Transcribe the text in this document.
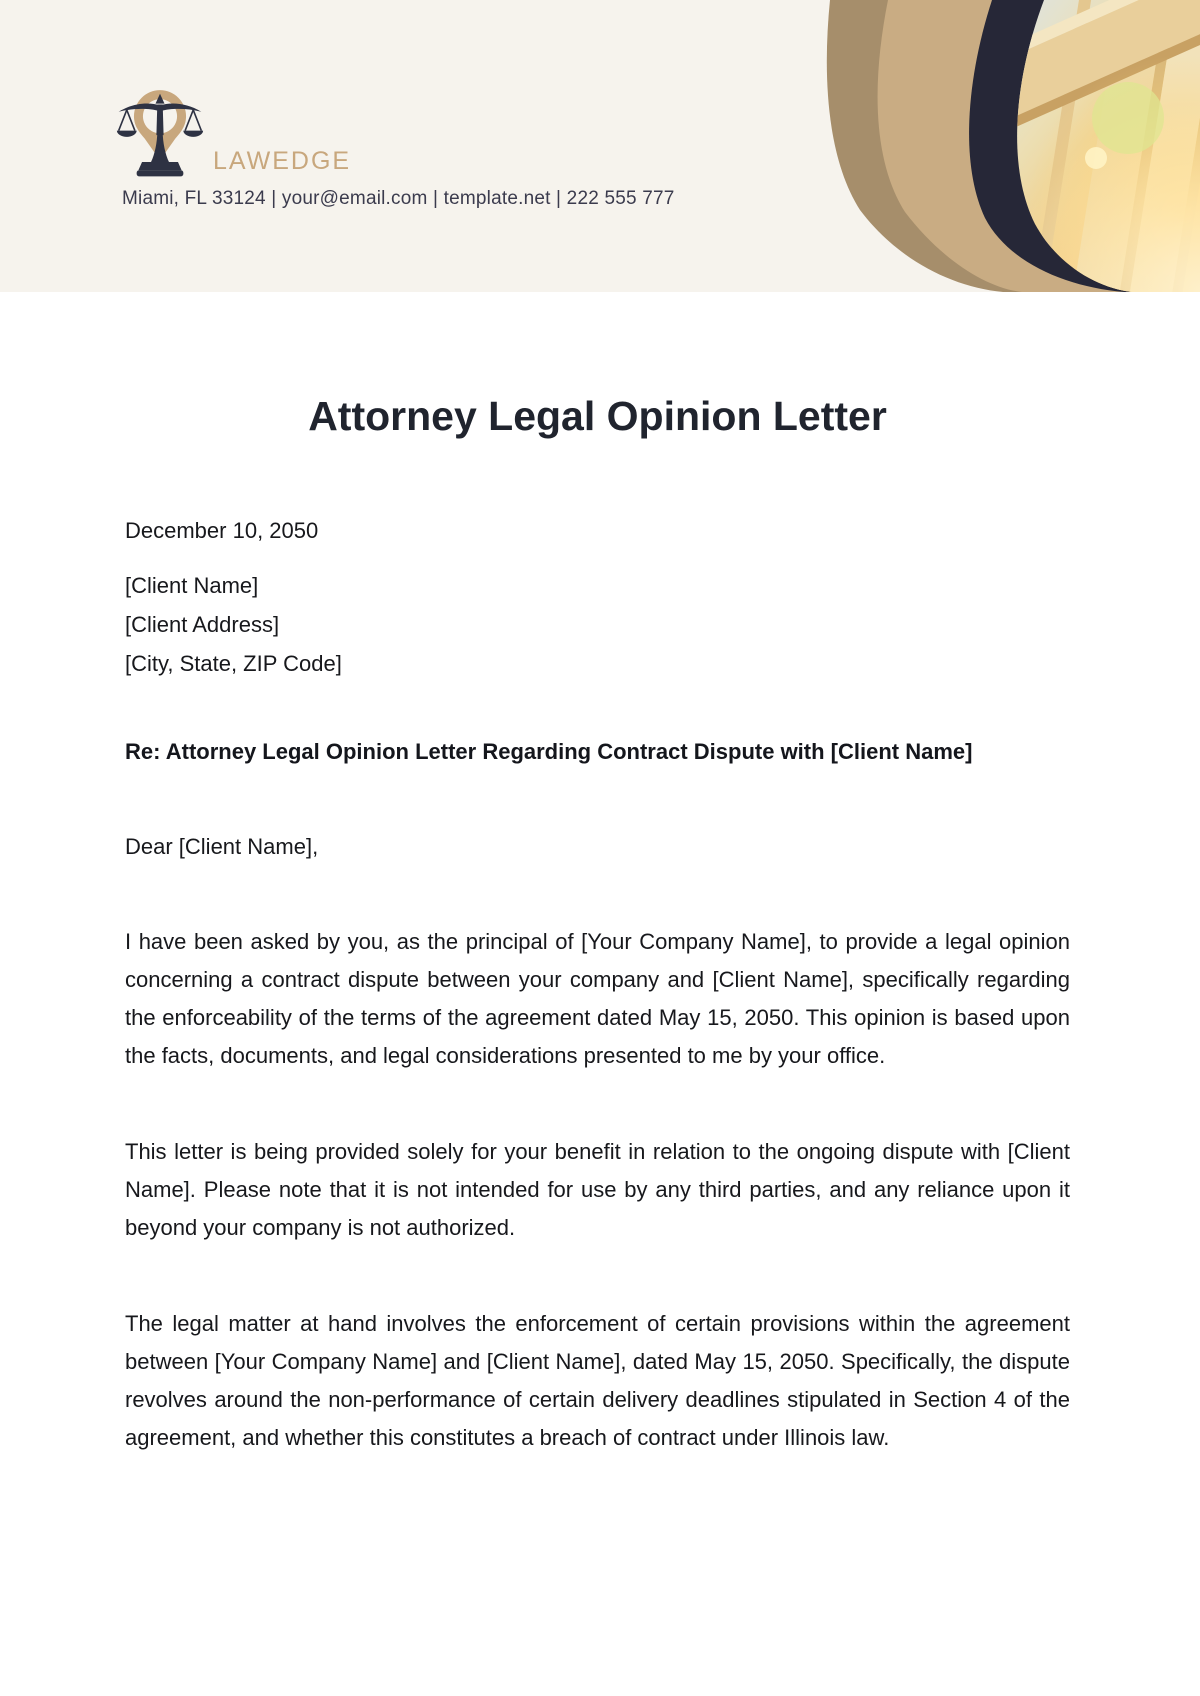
LAWEDGE
Miami, FL 33124 | your@email.com | template.net | 222 555 777
Attorney Legal Opinion Letter
December 10, 2050
[Client Name]
[Client Address]
[City, State, ZIP Code]
Re: Attorney Legal Opinion Letter Regarding Contract Dispute with [Client Name]
Dear [Client Name],

I have been asked by you, as the principal of [Your Company Name], to provide a legal opinion concerning a contract dispute between your company and [Client Name], specifically regarding the enforceability of the terms of the agreement dated May 15, 2050. This opinion is based upon the facts, documents, and legal considerations presented to me by your office.

This letter is being provided solely for your benefit in relation to the ongoing dispute with [Client Name]. Please note that it is not intended for use by any third parties, and any reliance upon it beyond your company is not authorized.

The legal matter at hand involves the enforcement of certain provisions within the agreement between [Your Company Name] and [Client Name], dated May 15, 2050. Specifically, the dispute revolves around the non-performance of certain delivery deadlines stipulated in Section 4 of the agreement, and whether this constitutes a breach of contract under Illinois law.
